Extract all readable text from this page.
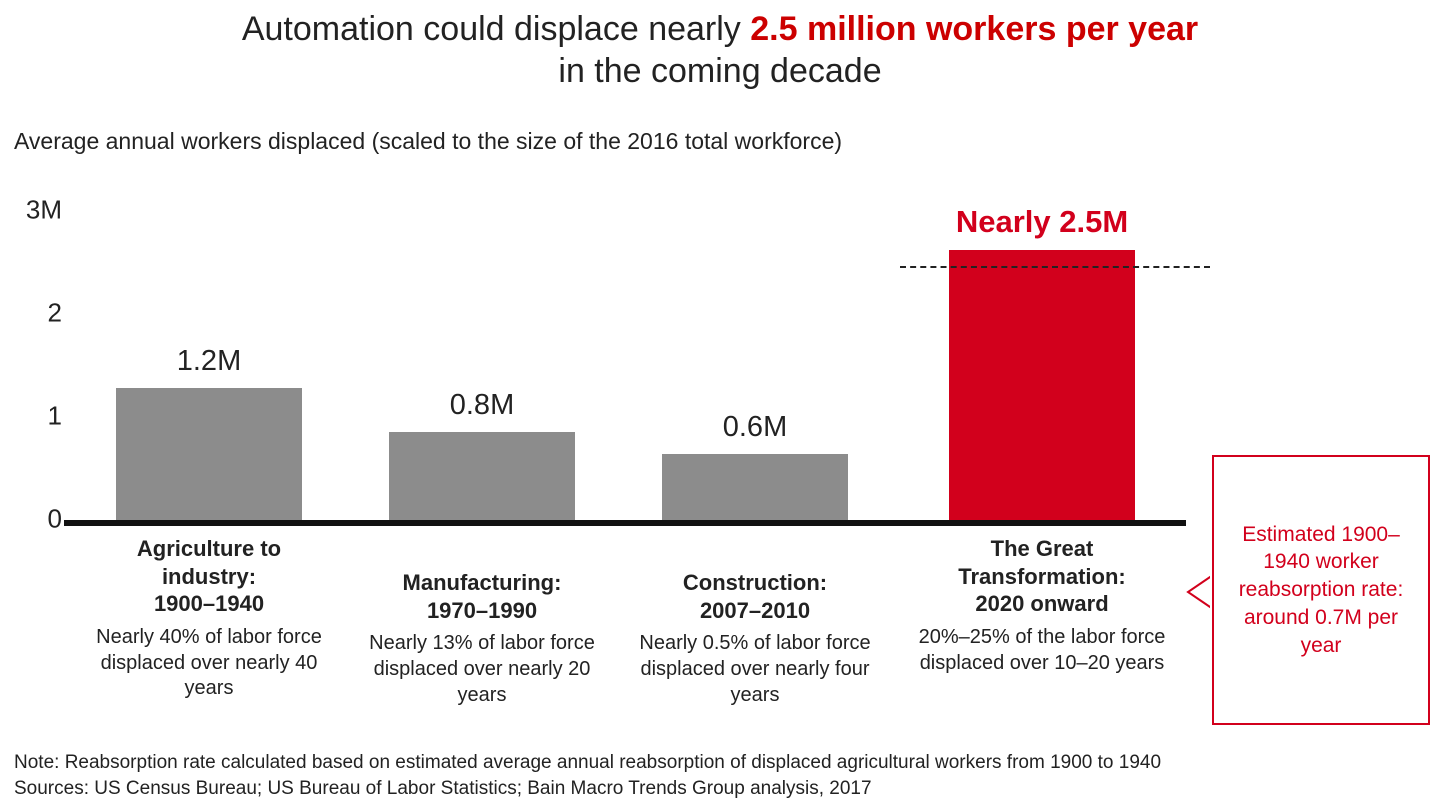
Automation could displace nearly 2.5 million workers per year
in the coming decade
Average annual workers displaced (scaled to the size of the 2016 total workforce)
3M
2
1
0
1.2M
0.8M
0.6M
Nearly 2.5M
Estimated 1900–1940 worker reabsorption rate: around 0.7M per year
Agriculture to
industry:
1900–1940
Nearly 40% of labor force displaced over nearly 40 years
Manufacturing:
1970–1990
Nearly 13% of labor force displaced over nearly 20 years
Construction:
2007–2010
Nearly 0.5% of labor force displaced over nearly four years
The Great
Transformation:
2020 onward
20%–25% of the labor force displaced over 10–20 years
Note: Reabsorption rate calculated based on estimated average annual reabsorption of displaced agricultural workers from 1900 to 1940
Sources: US Census Bureau; US Bureau of Labor Statistics; Bain Macro Trends Group analysis, 2017
